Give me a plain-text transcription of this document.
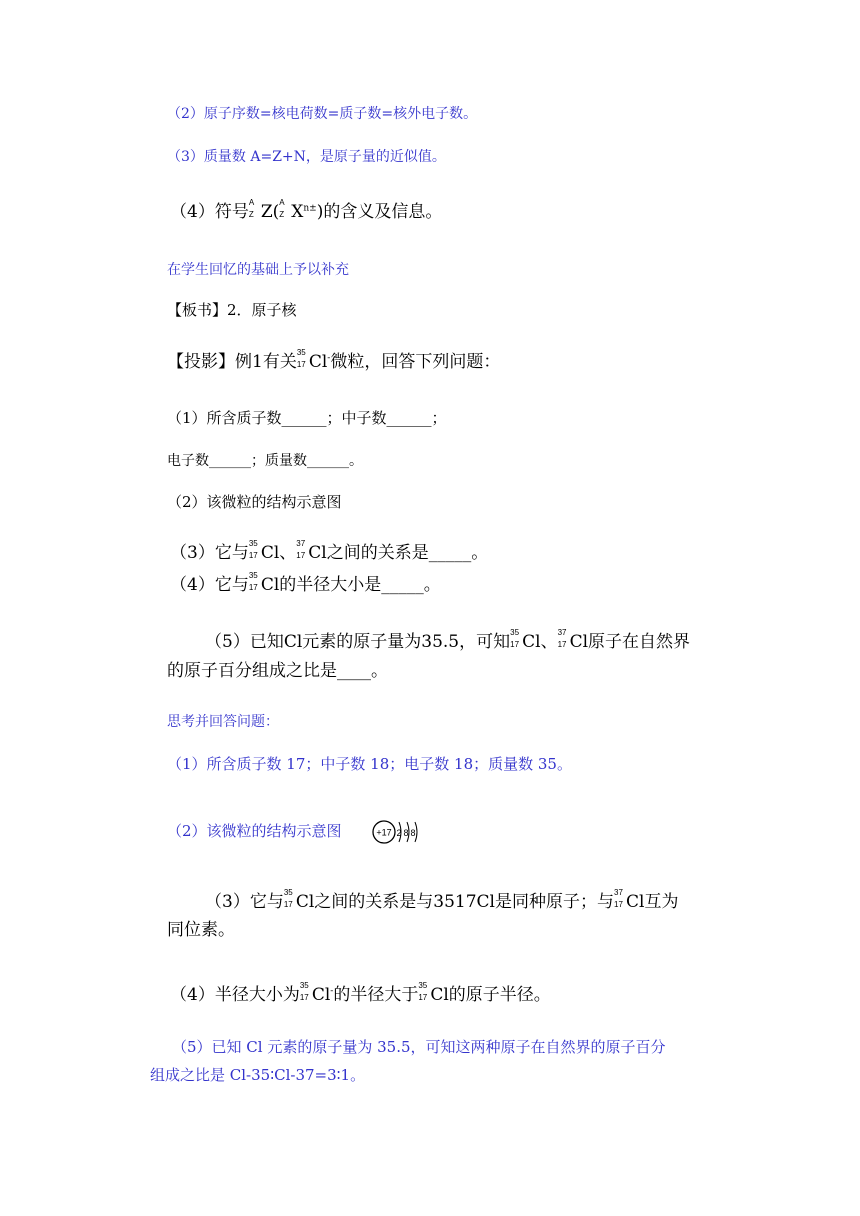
（2）原子序数=核电荷数=质子数=核外电子数。
（3）质量数 A=Z+N，是原子量的近似值。
（4）符号 A
Z Z( A
Z $X^{n\pm}$)的含义及信息。
在学生回忆的基础上予以补充
【板书】2．原子核
【投影】例1有关 35
17 Cl-微粒，回答下列问题：
（1）所含质子数______；中子数______；
电子数______；质量数______。
（2）该微粒的结构示意图
（3）它与 35
17 Cl、 37
17 Cl之间的关系是_____。
（4）它与 35
17 Cl的半径大小是_____。
（5）已知Cl元素的原子量为35.5，可知 35
17 Cl、 37
17 Cl原子在自然界
的原子百分组成之比是____。
思考并回答问题：
（1）所含质子数 17；中子数 18；电子数 18；质量数 35。
（2）该微粒的结构示意图	+17 288
（3）它与 35
17 Cl之间的关系是与3517Cl是同种原子；与 37
17 Cl互为
同位素。
（4）半径大小为 35
17 Cl-的半径大于 35
17 Cl的原子半径。
（5）已知 Cl 元素的原子量为 35.5，可知这两种原子在自然界的原子百分
组成之比是 Cl-35∶Cl-37=3∶1。
